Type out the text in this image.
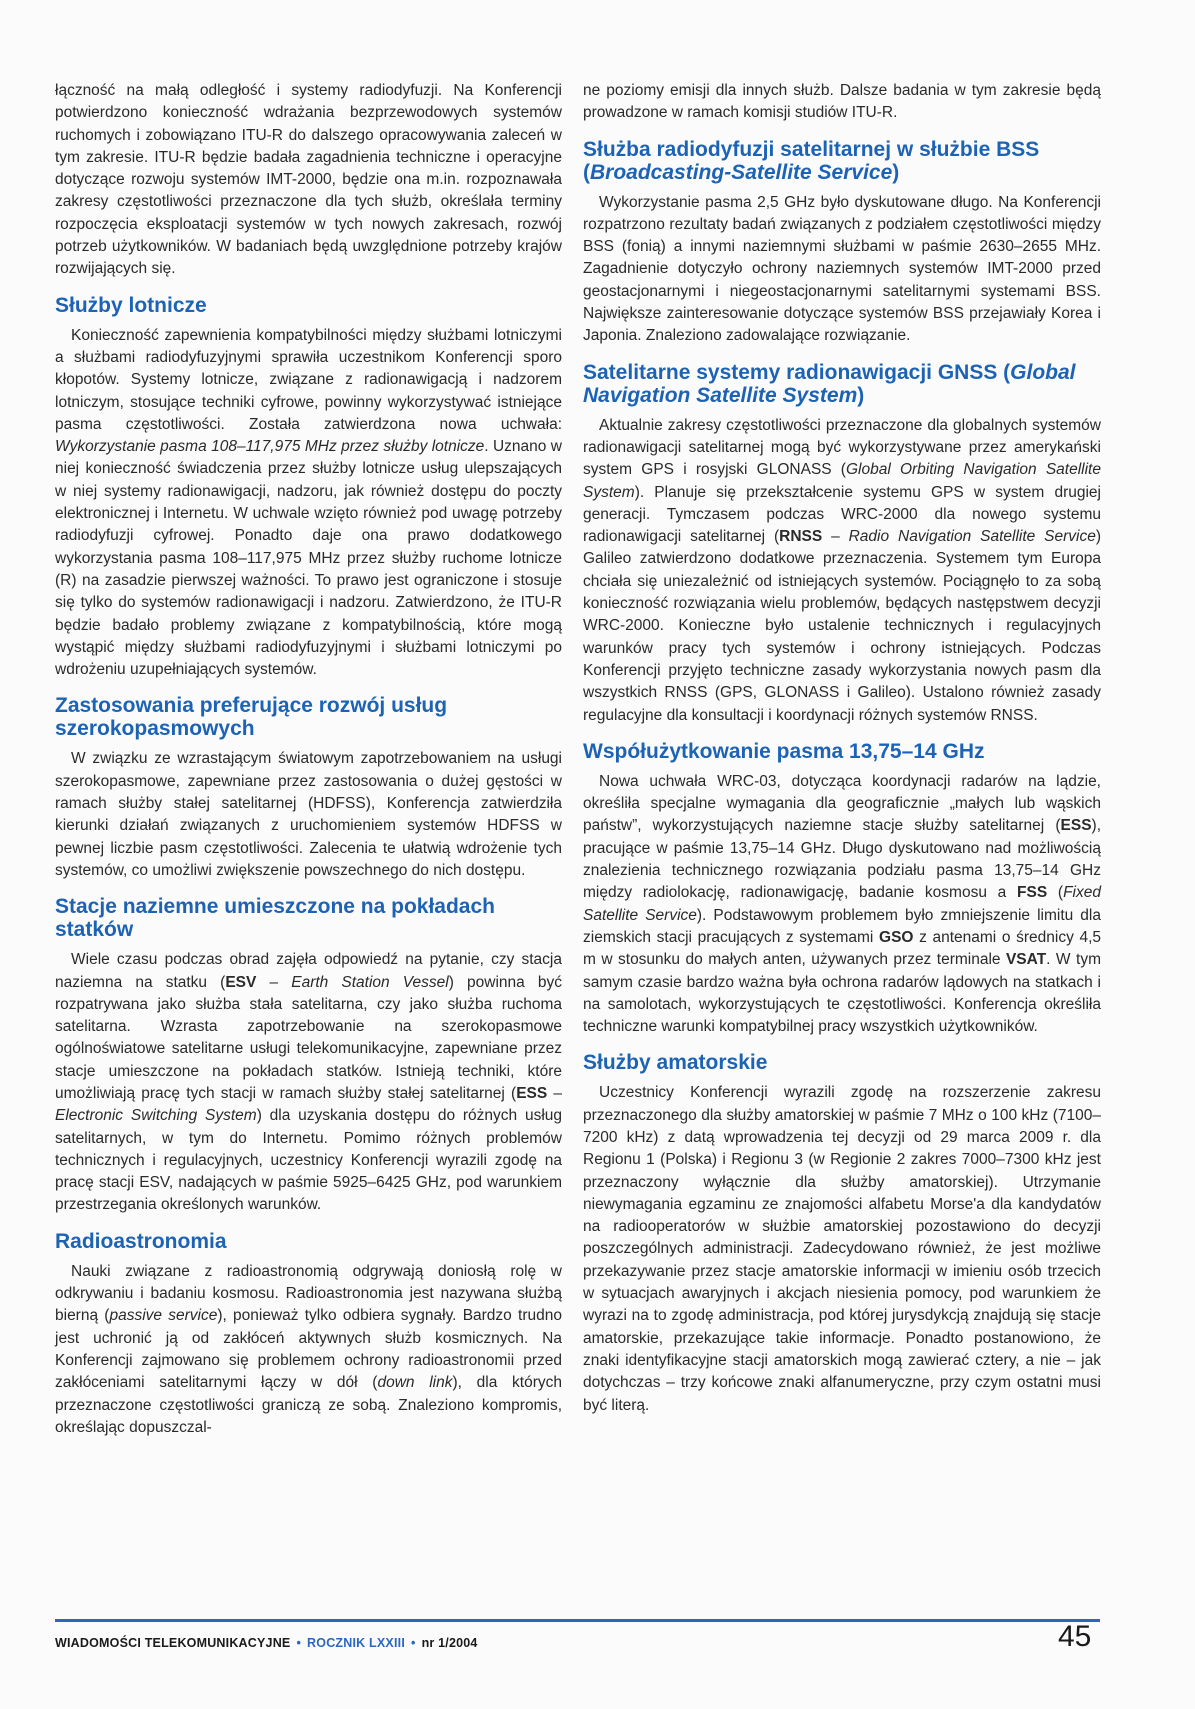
łączność na małą odległość i systemy radiodyfuzji. Na Konferencji potwierdzono konieczność wdrażania bezprzewodowych systemów ruchomych i zobowiązano ITU-R do dalszego opracowywania zaleceń w tym zakresie. ITU-R będzie badała zagadnienia techniczne i operacyjne dotyczące rozwoju systemów IMT-2000, będzie ona m.in. rozpoznawała zakresy częstotliwości przeznaczone dla tych służb, określała terminy rozpoczęcia eksploatacji systemów w tych nowych zakresach, rozwój potrzeb użytkowników. W badaniach będą uwzględnione potrzeby krajów rozwijających się.

Służby lotnicze

Konieczność zapewnienia kompatybilności między służbami lotniczymi a służbami radiodyfuzyjnymi sprawiła uczestnikom Konferencji sporo kłopotów. Systemy lotnicze, związane z radionawigacją i nadzorem lotniczym, stosujące techniki cyfrowe, powinny wykorzystywać istniejące pasma częstotliwości. Została zatwierdzona nowa uchwała: Wykorzystanie pasma 108–117,975 MHz przez służby lotnicze. Uznano w niej konieczność świadczenia przez służby lotnicze usług ulepszających w niej systemy radionawigacji, nadzoru, jak również dostępu do poczty elektronicznej i Internetu. W uchwale wzięto również pod uwagę potrzeby radiodyfuzji cyfrowej. Ponadto daje ona prawo dodatkowego wykorzystania pasma 108–117,975 MHz przez służby ruchome lotnicze (R) na zasadzie pierwszej ważności. To prawo jest ograniczone i stosuje się tylko do systemów radionawigacji i nadzoru. Zatwierdzono, że ITU-R będzie badało problemy związane z kompatybilnością, które mogą wystąpić między służbami radiodyfuzyjnymi i służbami lotniczymi po wdrożeniu uzupełniających systemów.

Zastosowania preferujące rozwój usług szerokopasmowych

W związku ze wzrastającym światowym zapotrzebowaniem na usługi szerokopasmowe, zapewniane przez zastosowania o dużej gęstości w ramach służby stałej satelitarnej (HDFSS), Konferencja zatwierdziła kierunki działań związanych z uruchomieniem systemów HDFSS w pewnej liczbie pasm częstotliwości. Zalecenia te ułatwią wdrożenie tych systemów, co umożliwi zwiększenie powszechnego do nich dostępu.

Stacje naziemne umieszczone na pokładach statków

Wiele czasu podczas obrad zajęła odpowiedź na pytanie, czy stacja naziemna na statku (ESV – Earth Station Vessel) powinna być rozpatrywana jako służba stała satelitarna, czy jako służba ruchoma satelitarna. Wzrasta zapotrzebowanie na szerokopasmowe ogólnoświatowe satelitarne usługi telekomunikacyjne, zapewniane przez stacje umieszczone na pokładach statków. Istnieją techniki, które umożliwiają pracę tych stacji w ramach służby stałej satelitarnej (ESS – Electronic Switching System) dla uzyskania dostępu do różnych usług satelitarnych, w tym do Internetu. Pomimo różnych problemów technicznych i regulacyjnych, uczestnicy Konferencji wyrazili zgodę na pracę stacji ESV, nadających w paśmie 5925–6425 GHz, pod warunkiem przestrzegania określonych warunków.

Radioastronomia

Nauki związane z radioastronomią odgrywają doniosłą rolę w odkrywaniu i badaniu kosmosu. Radioastronomia jest nazywana służbą bierną (passive service), ponieważ tylko odbiera sygnały. Bardzo trudno jest uchronić ją od zakłóceń aktywnych służb kosmicznych. Na Konferencji zajmowano się problemem ochrony radioastronomii przed zakłóceniami satelitarnymi łączy w dół (down link), dla których przeznaczone częstotliwości graniczą ze sobą. Znaleziono kompromis, określając dopuszczal-

ne poziomy emisji dla innych służb. Dalsze badania w tym zakresie będą prowadzone w ramach komisji studiów ITU-R.

Służba radiodyfuzji satelitarnej w służbie BSS (Broadcasting-Satellite Service)

Wykorzystanie pasma 2,5 GHz było dyskutowane długo. Na Konferencji rozpatrzono rezultaty badań związanych z podziałem częstotliwości między BSS (fonią) a innymi naziemnymi służbami w paśmie 2630–2655 MHz. Zagadnienie dotyczyło ochrony naziemnych systemów IMT-2000 przed geostacjonarnymi i niegeostacjonarnymi satelitarnymi systemami BSS. Największe zainteresowanie dotyczące systemów BSS przejawiały Korea i Japonia. Znaleziono zadowalające rozwiązanie.

Satelitarne systemy radionawigacji GNSS (Global Navigation Satellite System)

Aktualnie zakresy częstotliwości przeznaczone dla globalnych systemów radionawigacji satelitarnej mogą być wykorzystywane przez amerykański system GPS i rosyjski GLONASS (Global Orbiting Navigation Satellite System). Planuje się przekształcenie systemu GPS w system drugiej generacji. Tymczasem podczas WRC-2000 dla nowego systemu radionawigacji satelitarnej (RNSS – Radio Navigation Satellite Service) Galileo zatwierdzono dodatkowe przeznaczenia. Systemem tym Europa chciała się uniezależnić od istniejących systemów. Pociągnęło to za sobą konieczność rozwiązania wielu problemów, będących następstwem decyzji WRC-2000. Konieczne było ustalenie technicznych i regulacyjnych warunków pracy tych systemów i ochrony istniejących. Podczas Konferencji przyjęto techniczne zasady wykorzystania nowych pasm dla wszystkich RNSS (GPS, GLONASS i Galileo). Ustalono również zasady regulacyjne dla konsultacji i koordynacji różnych systemów RNSS.

Współużytkowanie pasma 13,75–14 GHz

Nowa uchwała WRC-03, dotycząca koordynacji radarów na lądzie, określiła specjalne wymagania dla geograficznie „małych lub wąskich państw”, wykorzystujących naziemne stacje służby satelitarnej (ESS), pracujące w paśmie 13,75–14 GHz. Długo dyskutowano nad możliwością znalezienia technicznego rozwiązania podziału pasma 13,75–14 GHz między radiolokację, radionawigację, badanie kosmosu a FSS (Fixed Satellite Service). Podstawowym problemem było zmniejszenie limitu dla ziemskich stacji pracujących z systemami GSO z antenami o średnicy 4,5 m w stosunku do małych anten, używanych przez terminale VSAT. W tym samym czasie bardzo ważna była ochrona radarów lądowych na statkach i na samolotach, wykorzystujących te częstotliwości. Konferencja określiła techniczne warunki kompatybilnej pracy wszystkich użytkowników.

Służby amatorskie

Uczestnicy Konferencji wyrazili zgodę na rozszerzenie zakresu przeznaczonego dla służby amatorskiej w paśmie 7 MHz o 100 kHz (7100–7200 kHz) z datą wprowadzenia tej decyzji od 29 marca 2009 r. dla Regionu 1 (Polska) i Regionu 3 (w Regionie 2 zakres 7000–7300 kHz jest przeznaczony wyłącznie dla służby amatorskiej). Utrzymanie niewymagania egzaminu ze znajomości alfabetu Morse'a dla kandydatów na radiooperatorów w służbie amatorskiej pozostawiono do decyzji poszczególnych administracji. Zadecydowano również, że jest możliwe przekazywanie przez stacje amatorskie informacji w imieniu osób trzecich w sytuacjach awaryjnych i akcjach niesienia pomocy, pod warunkiem że wyrazi na to zgodę administracja, pod której jurysdykcją znajdują się stacje amatorskie, przekazujące takie informacje. Ponadto postanowiono, że znaki identyfikacyjne stacji amatorskich mogą zawierać cztery, a nie – jak dotychczas – trzy końcowe znaki alfanumeryczne, przy czym ostatni musi być literą.

WIADOMOŚCI TELEKOMUNIKACYJNE • ROCZNIK LXXIII • nr 1/2004	45
